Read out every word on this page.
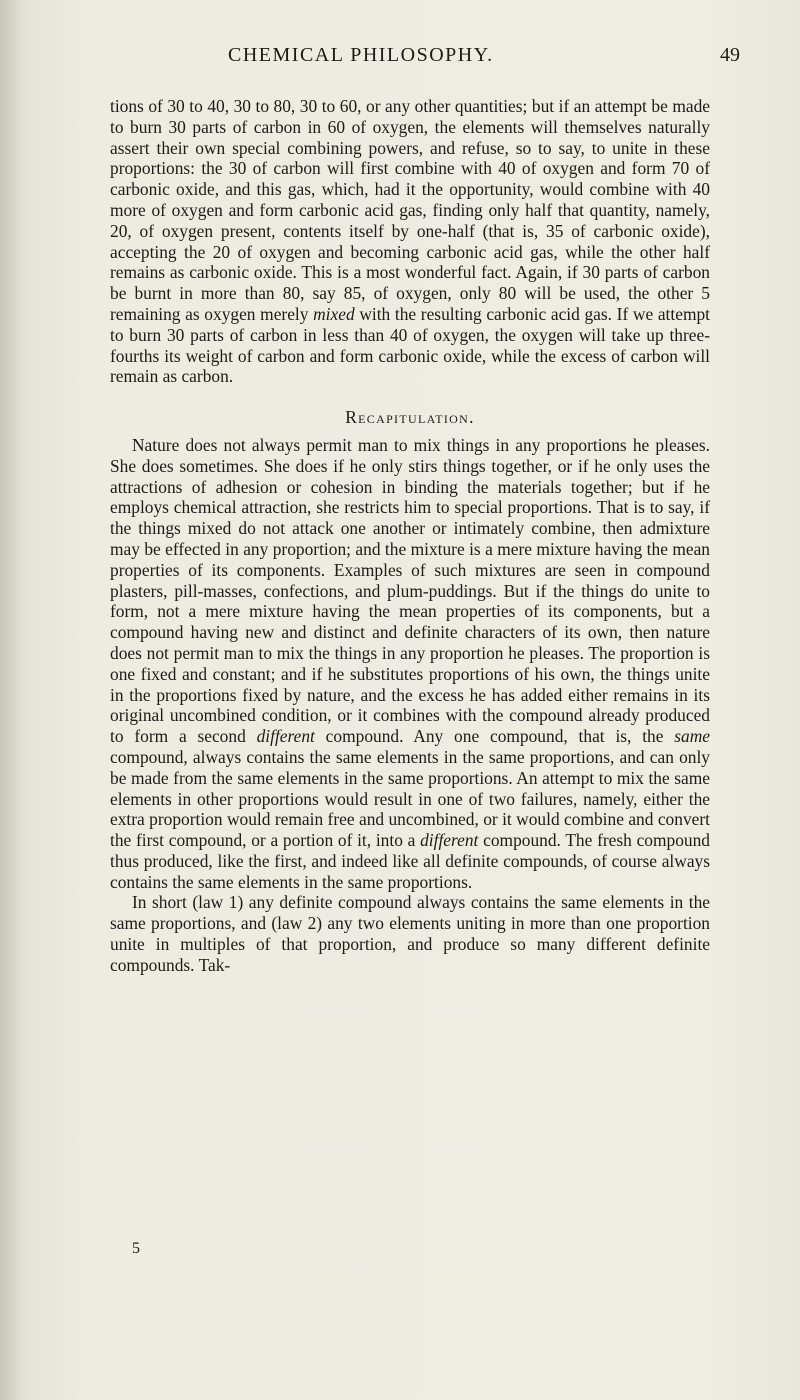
CHEMICAL PHILOSOPHY.	49

tions of 30 to 40, 30 to 80, 30 to 60, or any other quantities; but if an attempt be made to burn 30 parts of carbon in 60 of oxygen, the elements will themselves naturally assert their own special combining powers, and refuse, so to say, to unite in these proportions: the 30 of carbon will first combine with 40 of oxygen and form 70 of carbonic oxide, and this gas, which, had it the opportunity, would combine with 40 more of oxygen and form carbonic acid gas, finding only half that quantity, namely, 20, of oxygen present, contents itself by one-half (that is, 35 of carbonic oxide), accepting the 20 of oxygen and becoming carbonic acid gas, while the other half remains as carbonic oxide. This is a most wonderful fact. Again, if 30 parts of carbon be burnt in more than 80, say 85, of oxygen, only 80 will be used, the other 5 remaining as oxygen merely mixed with the resulting carbonic acid gas. If we attempt to burn 30 parts of carbon in less than 40 of oxygen, the oxygen will take up three-fourths its weight of carbon and form carbonic oxide, while the excess of carbon will remain as carbon.

Recapitulation.

Nature does not always permit man to mix things in any proportions he pleases. She does sometimes. She does if he only stirs things together, or if he only uses the attractions of adhesion or cohesion in binding the materials together; but if he employs chemical attraction, she restricts him to special proportions. That is to say, if the things mixed do not attack one another or intimately combine, then admixture may be effected in any proportion; and the mixture is a mere mixture having the mean properties of its components. Examples of such mixtures are seen in compound plasters, pill-masses, confections, and plum-puddings. But if the things do unite to form, not a mere mixture having the mean properties of its components, but a compound having new and distinct and definite characters of its own, then nature does not permit man to mix the things in any proportion he pleases. The proportion is one fixed and constant; and if he substitutes proportions of his own, the things unite in the proportions fixed by nature, and the excess he has added either remains in its original uncombined condition, or it combines with the compound already produced to form a second different compound. Any one compound, that is, the same compound, always contains the same elements in the same proportions, and can only be made from the same elements in the same proportions. An attempt to mix the same elements in other proportions would result in one of two failures, namely, either the extra proportion would remain free and uncombined, or it would combine and convert the first compound, or a portion of it, into a different compound. The fresh compound thus produced, like the first, and indeed like all definite compounds, of course always contains the same elements in the same proportions.

In short (law 1) any definite compound always contains the same elements in the same proportions, and (law 2) any two elements uniting in more than one proportion unite in multiples of that proportion, and produce so many different definite compounds. Tak-

5
